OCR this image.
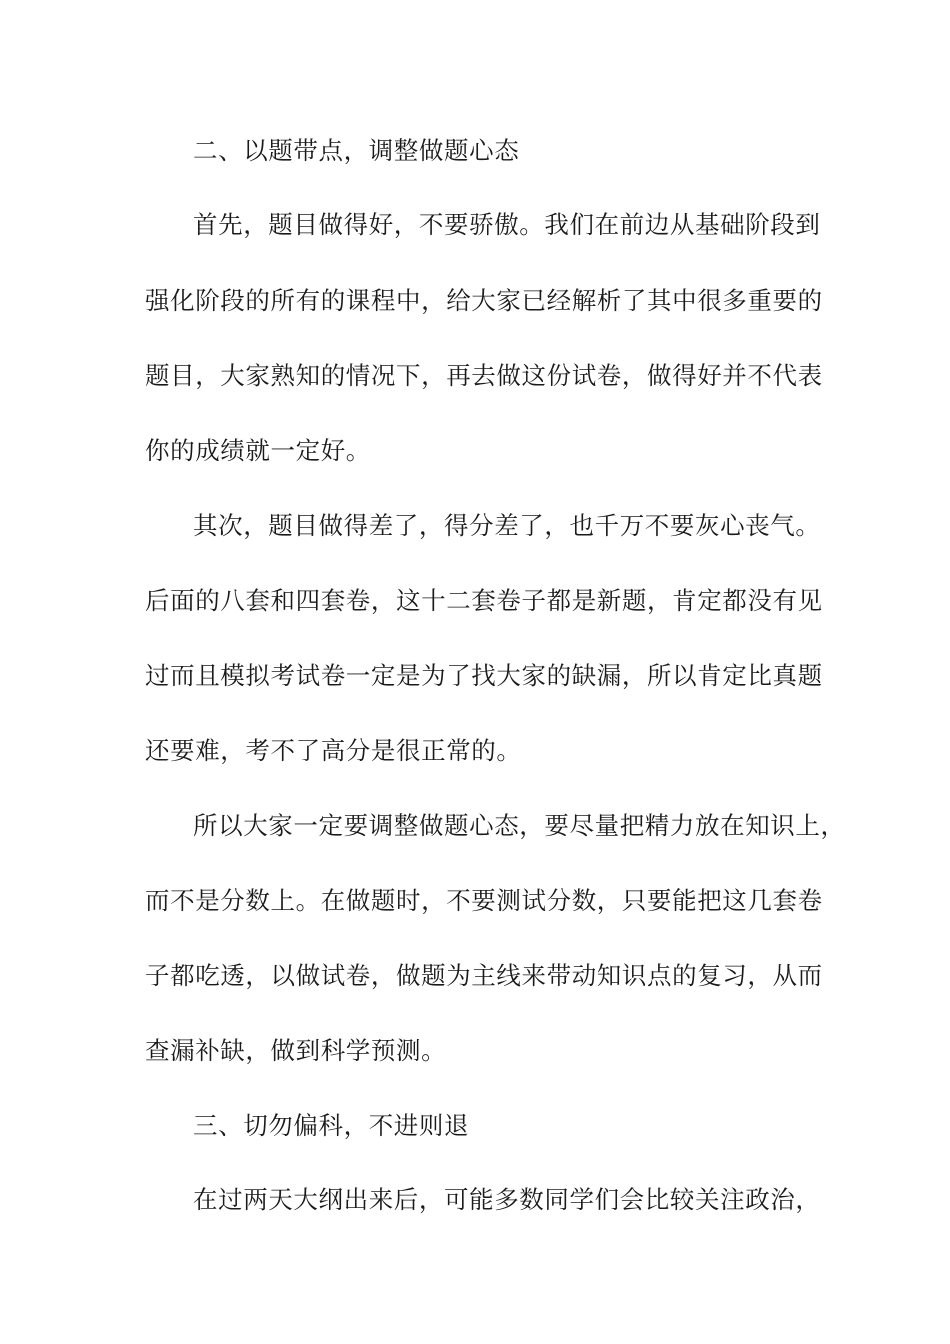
二、以题带点，调整做题心态

首先，题目做得好，不要骄傲。我们在前边从基础阶段到

强化阶段的所有的课程中，给大家已经解析了其中很多重要的

题目，大家熟知的情况下，再去做这份试卷，做得好并不代表

你的成绩就一定好。

其次，题目做得差了，得分差了，也千万不要灰心丧气。

后面的八套和四套卷，这十二套卷子都是新题，肯定都没有见

过而且模拟考试卷一定是为了找大家的缺漏，所以肯定比真题

还要难，考不了高分是很正常的。

所以大家一定要调整做题心态，要尽量把精力放在知识上，

而不是分数上。在做题时，不要测试分数，只要能把这几套卷

子都吃透，以做试卷，做题为主线来带动知识点的复习，从而

查漏补缺，做到科学预测。

三、切勿偏科，不进则退

在过两天大纲出来后，可能多数同学们会比较关注政治，
